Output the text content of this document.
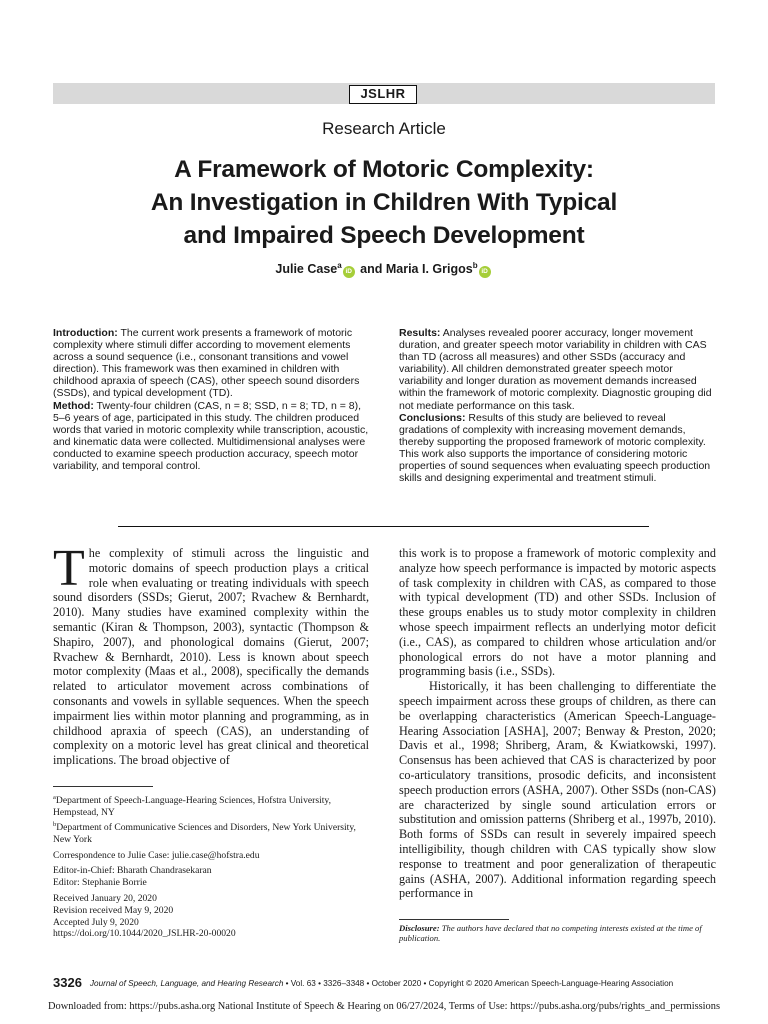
JSLHR
Research Article
A Framework of Motoric Complexity:
An Investigation in Children With Typical
and Impaired Speech Development
Julie Case$^a$iD and Maria I. Grigos$^b$iD

Introduction: The current work presents a framework of motoric complexity where stimuli differ according to movement elements across a sound sequence (i.e., consonant transitions and vowel direction). This framework was then examined in children with childhood apraxia of speech (CAS), other speech sound disorders (SSDs), and typical development (TD).

Method: Twenty-four children (CAS, n = 8; SSD, n = 8; TD, n = 8), 5–6 years of age, participated in this study. The children produced words that varied in motoric complexity while transcription, acoustic, and kinematic data were collected. Multidimensional analyses were conducted to examine speech production accuracy, speech motor variability, and temporal control.

Results: Analyses revealed poorer accuracy, longer movement duration, and greater speech motor variability in children with CAS than TD (across all measures) and other SSDs (accuracy and variability). All children demonstrated greater speech motor variability and longer duration as movement demands increased within the framework of motoric complexity. Diagnostic grouping did not mediate performance on this task.

Conclusions: Results of this study are believed to reveal gradations of complexity with increasing movement demands, thereby supporting the proposed framework of motoric complexity. This work also supports the importance of considering motoric properties of sound sequences when evaluating speech production skills and designing experimental and treatment stimuli.

T he complexity of stimuli across the linguistic and motoric domains of speech production plays a critical role when evaluating or treating individuals with speech sound disorders (SSDs; Gierut, 2007; Rvachew & Bernhardt, 2010). Many studies have examined complexity within the semantic (Kiran & Thompson, 2003), syntactic (Thompson & Shapiro, 2007), and phonological domains (Gierut, 2007; Rvachew & Bernhardt, 2010). Less is known about speech motor complexity (Maas et al., 2008), specifically the demands related to articulator movement across combinations of consonants and vowels in syllable sequences. When the speech impairment lies within motor planning and programming, as in childhood apraxia of speech (CAS), an understanding of complexity on a motoric level has great clinical and theoretical implications. The broad objective of

this work is to propose a framework of motoric complexity and analyze how speech performance is impacted by motoric aspects of task complexity in children with CAS, as compared to those with typical development (TD) and other SSDs. Inclusion of these groups enables us to study motor complexity in children whose speech impairment reflects an underlying motor deficit (i.e., CAS), as compared to children whose articulation and/or phonological errors do not have a motor planning and programming basis (i.e., SSDs).

Historically, it has been challenging to differentiate the speech impairment across these groups of children, as there can be overlapping characteristics (American Speech-Language-Hearing Association [ASHA], 2007; Benway & Preston, 2020; Davis et al., 1998; Shriberg, Aram, & Kwiatkowski, 1997). Consensus has been achieved that CAS is characterized by poor co-articulatory transitions, prosodic deficits, and inconsistent speech production errors (ASHA, 2007). Other SSDs (non-CAS) are characterized by single sound articulation errors or substitution and omission patterns (Shriberg et al., 1997b, 2010). Both forms of SSDs can result in severely impaired speech intelligibility, though children with CAS typically show slow response to treatment and poor generalization of therapeutic gains (ASHA, 2007). Additional information regarding speech performance in

$^a$Department of Speech-Language-Hearing Sciences, Hofstra University, Hempstead, NY

$^b$Department of Communicative Sciences and Disorders, New York University, New York

Correspondence to Julie Case: julie.case@hofstra.edu

Editor-in-Chief: Bharath Chandrasekaran

Editor: Stephanie Borrie

Received January 20, 2020

Revision received May 9, 2020

Accepted July 9, 2020

https://doi.org/10.1044/2020_JSLHR-20-00020

Disclosure: The authors have declared that no competing interests existed at the time of publication.
3326 Journal of Speech, Language, and Hearing Research • Vol. 63 • 3326–3348 • October 2020 • Copyright © 2020 American Speech-Language-Hearing Association
Downloaded from: https://pubs.asha.org National Institute of Speech & Hearing on 06/27/2024, Terms of Use: https://pubs.asha.org/pubs/rights_and_permissions
